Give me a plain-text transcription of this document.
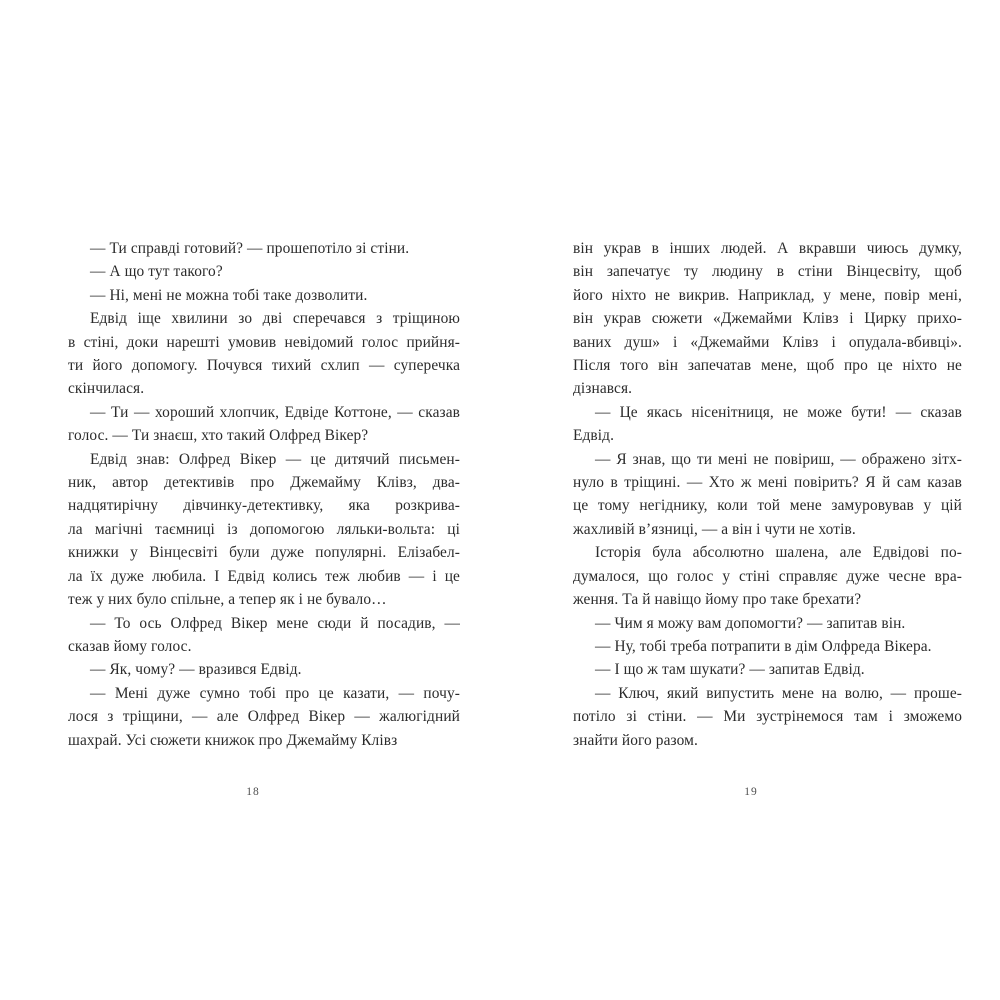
— Ти справді готовий? — прошепотіло зі стіни.
— А що тут такого?
— Ні, мені не можна тобі таке дозволити.
Едвід іще хвилини зо дві сперечався з тріщиною
в стіні, доки нарешті умовив невідомий голос прийня-
ти його допомогу. Почувся тихий схлип — суперечка
скінчилася.
— Ти — хороший хлопчик, Едвіде Коттоне, — сказав
голос. — Ти знаєш, хто такий Олфред Вікер?
Едвід знав: Олфред Вікер — це дитячий письмен-
ник, автор детективів про Джемайму Клівз, два-
надцятирічну дівчинку-детективку, яка розкрива-
ла магічні таємниці із допомогою ляльки-вольта: ці
книжки у Вінцесвіті були дуже популярні. Елізабел-
ла їх дуже любила. І Едвід колись теж любив — і це
теж у них було спільне, а тепер як і не бувало…
— То ось Олфред Вікер мене сюди й посадив, —
сказав йому голос.
— Як, чому? — вразився Едвід.
— Мені дуже сумно тобі про це казати, — почу-
лося з тріщини, — але Олфред Вікер — жалюгідний
шахрай. Усі сюжети книжок про Джемайму Клівз
18
він украв в інших людей. А вкравши чиюсь думку,
він запечатує ту людину в стіни Вінцесвіту, щоб
його ніхто не викрив. Наприклад, у мене, повір мені,
він украв сюжети «Джемайми Клівз і Цирку прихо-
ваних душ» і «Джемайми Клівз і опудала-вбивці».
Після того він запечатав мене, щоб про це ніхто не
дізнався.
— Це якась нісенітниця, не може бути! — сказав
Едвід.
— Я знав, що ти мені не повіриш, — ображено зітх-
нуло в тріщині. — Хто ж мені повірить? Я й сам казав
це тому негіднику, коли той мене замуровував у цій
жахливій в’язниці, — а він і чути не хотів.
Історія була абсолютно шалена, але Едвідові по-
думалося, що голос у стіні справляє дуже чесне вра-
ження. Та й навіщо йому про таке брехати?
— Чим я можу вам допомогти? — запитав він.
— Ну, тобі треба потрапити в дім Олфреда Вікера.
— І що ж там шукати? — запитав Едвід.
— Ключ, який випустить мене на волю, — проше-
потіло зі стіни. — Ми зустрінемося там і зможемо
знайти його разом.
19
